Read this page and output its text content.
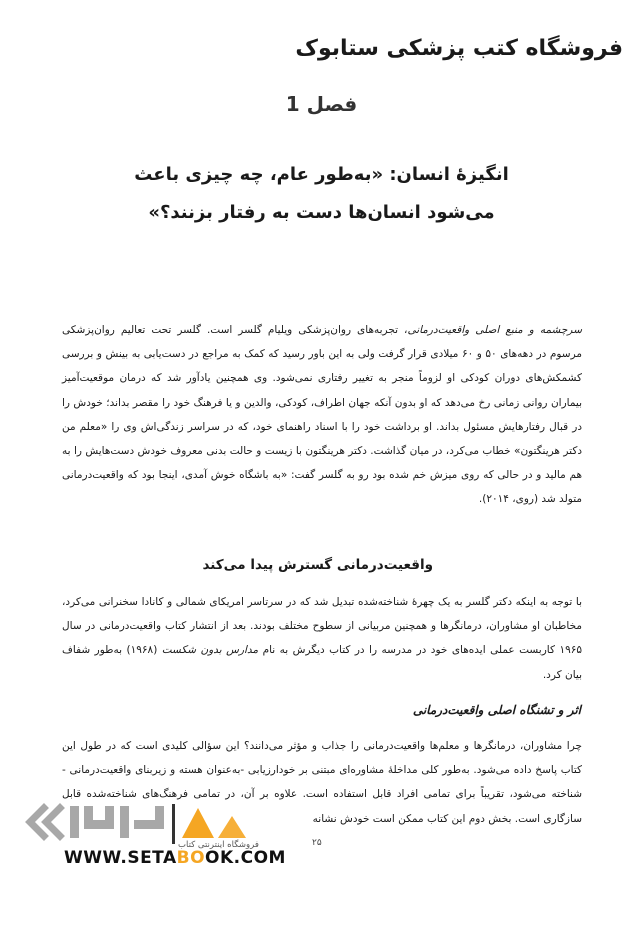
فروشگاه کتب پزشکی ستابوک
فصل 1
انگیزهٔ انسان: «به‌طور عام، چه چیزی باعث
می‌شود انسان‌ها دست به رفتار بزنند؟»
سرچشمه و منبع اصلی واقعیت‌درمانی، تجربه‌های روان‌پزشکی ویلیام گلسر است. گلسر تحت تعالیم روان‌پزشکی مرسوم در دهه‌های ۵۰ و ۶۰ میلادی قرار گرفت ولی به این باور رسید که کمک به مراجع در دست‌یابی به بینش و بررسی کشمکش‌های دوران کودکی او لزوماً منجر به تغییر رفتاری نمی‌شود. وی همچنین یادآور شد که درمان موقعیت‌آمیز بیماران روانی زمانی رخ می‌دهد که او بدون آنکه جهان اطراف، کودکی، والدین و یا فرهنگ خود را مقصر بداند؛ خودش را در قبال رفتارهایش مسئول بداند. او برداشت خود را با اسناد راهنمای خود، که در سراسر زندگی‌اش وی را «معلم من دکتر هرینگتون» خطاب می‌کرد، در میان گذاشت. دکتر هرینگتون با زیست و حالت بدنی معروف خودش دست‌هایش را به هم مالید و در حالی که روی میزش خم شده بود رو به گلسر گفت: «به باشگاه خوش آمدی، اینجا بود که واقعیت‌درمانی متولد شد (روی، ۲۰۱۴).
واقعیت‌درمانی گسترش پیدا می‌کند
با توجه به اینکه دکتر گلسر به یک چهرهٔ شناخته‌شده تبدیل شد که در سرتاسر امریکای شمالی و کانادا سخنرانی می‌کرد، مخاطبان او مشاوران، درمانگرها و همچنین مربیانی از سطوح مختلف بودند. بعد از انتشار کتاب واقعیت‌درمانی در سال ۱۹۶۵ کاربست عملی ایده‌های خود در مدرسه را در کتاب دیگرش به نام مدارس بدون شکست (۱۹۶۸) به‌طور شفاف بیان کرد.
اثر و تشنگاه اصلی واقعیت‌درمانی
چرا مشاوران، درمانگرها و معلم‌ها واقعیت‌درمانی را جذاب و مؤثر می‌دانند؟ این سؤالی کلیدی است که در طول این کتاب پاسخ داده می‌شود. به‌طور کلی مداخلهٔ مشاوره‌ای مبتنی بر خودارزیابی -به‌عنوان هسته و زیربنای واقعیت‌درمانی - شناخته می‌شود، تقریباً برای تمامی افراد قابل استفاده است. علاوه بر آن، در تمامی فرهنگ‌های شناخته‌شده قابل سازگاری است. بخش دوم این کتاب ممکن است خودش نشانه
۲۵
فروشگاه اینترنتی کتاب
WWW.SETABOOK.COM
